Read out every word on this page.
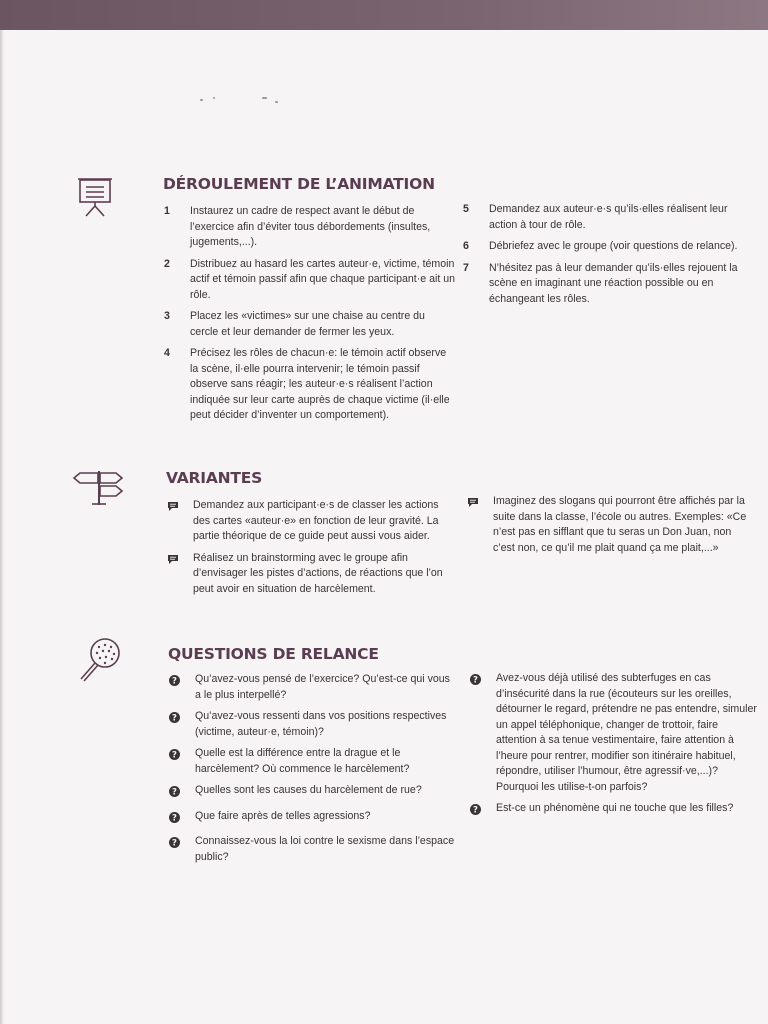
DÉROULEMENT DE L’ANIMATION
1	Instaurez un cadre de respect avant le début de l’exercice afin d’éviter tous débordements (insultes, jugements,...).
2	Distribuez au hasard les cartes auteur·e, victime, témoin actif et témoin passif afin que chaque participant·e ait un rôle.
3	Placez les «victimes» sur une chaise au centre du cercle et leur demander de fermer les yeux.
4	Précisez les rôles de chacun·e: le témoin actif observe la scène, il·elle pourra intervenir; le témoin passif observe sans réagir; les auteur·e·s réalisent l’action indiquée sur leur carte auprès de chaque victime (il·elle peut décider d’inventer un comportement).
5	Demandez aux auteur·e·s qu’ils·elles réalisent leur action à tour de rôle.
6	Débriefez avec le groupe (voir questions de relance).
7	N’hésitez pas à leur demander qu’ils·elles rejouent la scène en imaginant une réaction possible ou en échangeant les rôles.
VARIANTES
Demandez aux participant·e·s de classer les actions des cartes «auteur·e» en fonction de leur gravité. La partie théorique de ce guide peut aussi vous aider.
Réalisez un brainstorming avec le groupe afin d’envisager les pistes d’actions, de réactions que l’on peut avoir en situation de harcèlement.
Imaginez des slogans qui pourront être affichés par la suite dans la classe, l’école ou autres. Exemples: «Ce n’est pas en sifflant que tu seras un Don Juan, non c’est non, ce qu’il me plait quand ça me plait,...»
QUESTIONS DE RELANCE
? Qu’avez-vous pensé de l’exercice? Qu’est-ce qui vous a le plus interpellé?
? Qu’avez-vous ressenti dans vos positions respectives (victime, auteur·e, témoin)?
? Quelle est la différence entre la drague et le harcèlement? Où commence le harcèlement?
? Quelles sont les causes du harcèlement de rue?
? Que faire après de telles agressions?
? Connaissez-vous la loi contre le sexisme dans l’espace public?
? Avez-vous déjà utilisé des subterfuges en cas d’insécurité dans la rue (écouteurs sur les oreilles, détourner le regard, prétendre ne pas entendre, simuler un appel téléphonique, changer de trottoir, faire attention à sa tenue vestimentaire, faire attention à l’heure pour rentrer, modifier son itinéraire habituel, répondre, utiliser l’humour, être agressif·ve,...)? Pourquoi les utilise-t-on parfois?
? Est-ce un phénomène qui ne touche que les filles?
